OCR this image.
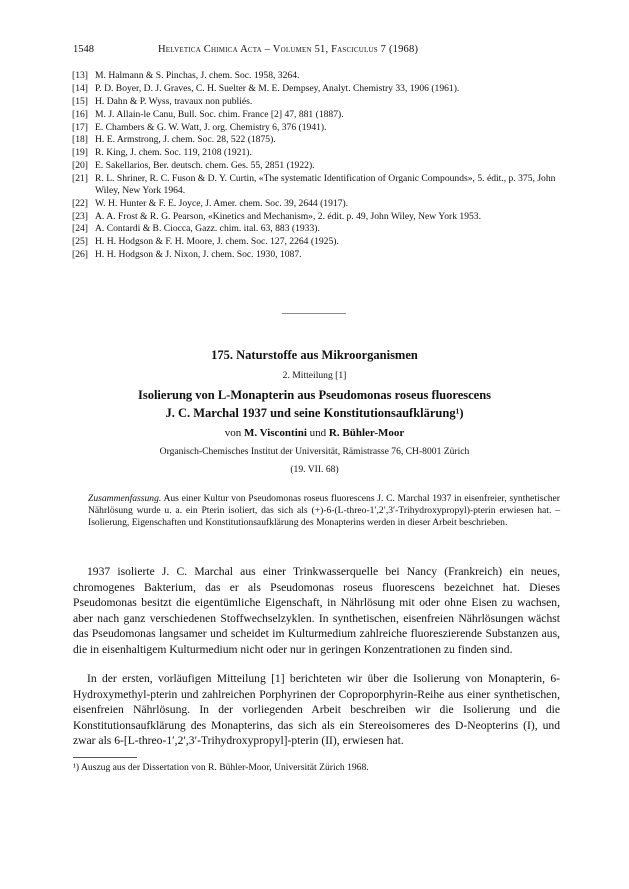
1548	Helvetica Chimica Acta – Volumen 51, Fasciculus 7 (1968)
[13] M. Halmann & S. Pinchas, J. chem. Soc. 1958, 3264.
[14] P. D. Boyer, D. J. Graves, C. H. Suelter & M. E. Dempsey, Analyt. Chemistry 33, 1906 (1961).
[15] H. Dahn & P. Wyss, travaux non publiés.
[16] M. J. Allain-le Canu, Bull. Soc. chim. France [2] 47, 881 (1887).
[17] E. Chambers & G. W. Watt, J. org. Chemistry 6, 376 (1941).
[18] H. E. Armstrong, J. chem. Soc. 28, 522 (1875).
[19] R. King, J. chem. Soc. 119, 2108 (1921).
[20] E. Sakellarios, Ber. deutsch. chem. Ges. 55, 2851 (1922).
[21] R. L. Shriner, R. C. Fuson & D. Y. Curtin, «The systematic Identification of Organic Compounds», 5. édit., p. 375, John Wiley, New York 1964.
[22] W. H. Hunter & F. E. Joyce, J. Amer. chem. Soc. 39, 2644 (1917).
[23] A. A. Frost & R. G. Pearson, «Kinetics and Mechanism», 2. édit. p. 49, John Wiley, New York 1953.
[24] A. Contardi & B. Ciocca, Gazz. chim. ital. 63, 883 (1933).
[25] H. H. Hodgson & F. H. Moore, J. chem. Soc. 127, 2264 (1925).
[26] H. H. Hodgson & J. Nixon, J. chem. Soc. 1930, 1087.
175. Naturstoffe aus Mikroorganismen
2. Mitteilung [1]
Isolierung von L-Monapterin aus Pseudomonas roseus fluorescens
J. C. Marchal 1937 und seine Konstitutionsaufklärung¹)
von M. Viscontini und R. Bühler-Moor
Organisch-Chemisches Institut der Universität, Rämistrasse 76, CH-8001 Zürich
(19. VII. 68)

Zusammenfassung. Aus einer Kultur von Pseudomonas roseus fluorescens J. C. Marchal 1937 in eisenfreier, synthetischer Nährlösung wurde u. a. ein Pterin isoliert, das sich als (+)-6-(L-threo-1′,2′,3′-Trihydroxypropyl)-pterin erwiesen hat. – Isolierung, Eigenschaften und Konstitutionsaufklärung des Monapterins werden in dieser Arbeit beschrieben.

1937 isolierte J. C. Marchal aus einer Trinkwasserquelle bei Nancy (Frankreich) ein neues, chromogenes Bakterium, das er als Pseudomonas roseus fluorescens bezeichnet hat. Dieses Pseudomonas besitzt die eigentümliche Eigenschaft, in Nährlösung mit oder ohne Eisen zu wachsen, aber nach ganz verschiedenen Stoffwechselzyklen. In synthetischen, eisenfreien Nährlösungen wächst das Pseudomonas langsamer und scheidet im Kulturmedium zahlreiche fluoreszierende Substanzen aus, die in eisenhaltigem Kulturmedium nicht oder nur in geringen Konzentrationen zu finden sind.

In der ersten, vorläufigen Mitteilung [1] berichteten wir über die Isolierung von Monapterin, 6-Hydroxymethyl-pterin und zahlreichen Porphyrinen der Coproporphyrin-Reihe aus einer synthetischen, eisenfreien Nährlösung. In der vorliegenden Arbeit beschreiben wir die Isolierung und die Konstitutionsaufklärung des Monapterins, das sich als ein Stereoisomeres des D-Neopterins (I), und zwar als 6-[L-threo-1′,2′,3′-Trihydroxypropyl]-pterin (II), erwiesen hat.

¹) Auszug aus der Dissertation von R. Bühler-Moor, Universität Zürich 1968.
